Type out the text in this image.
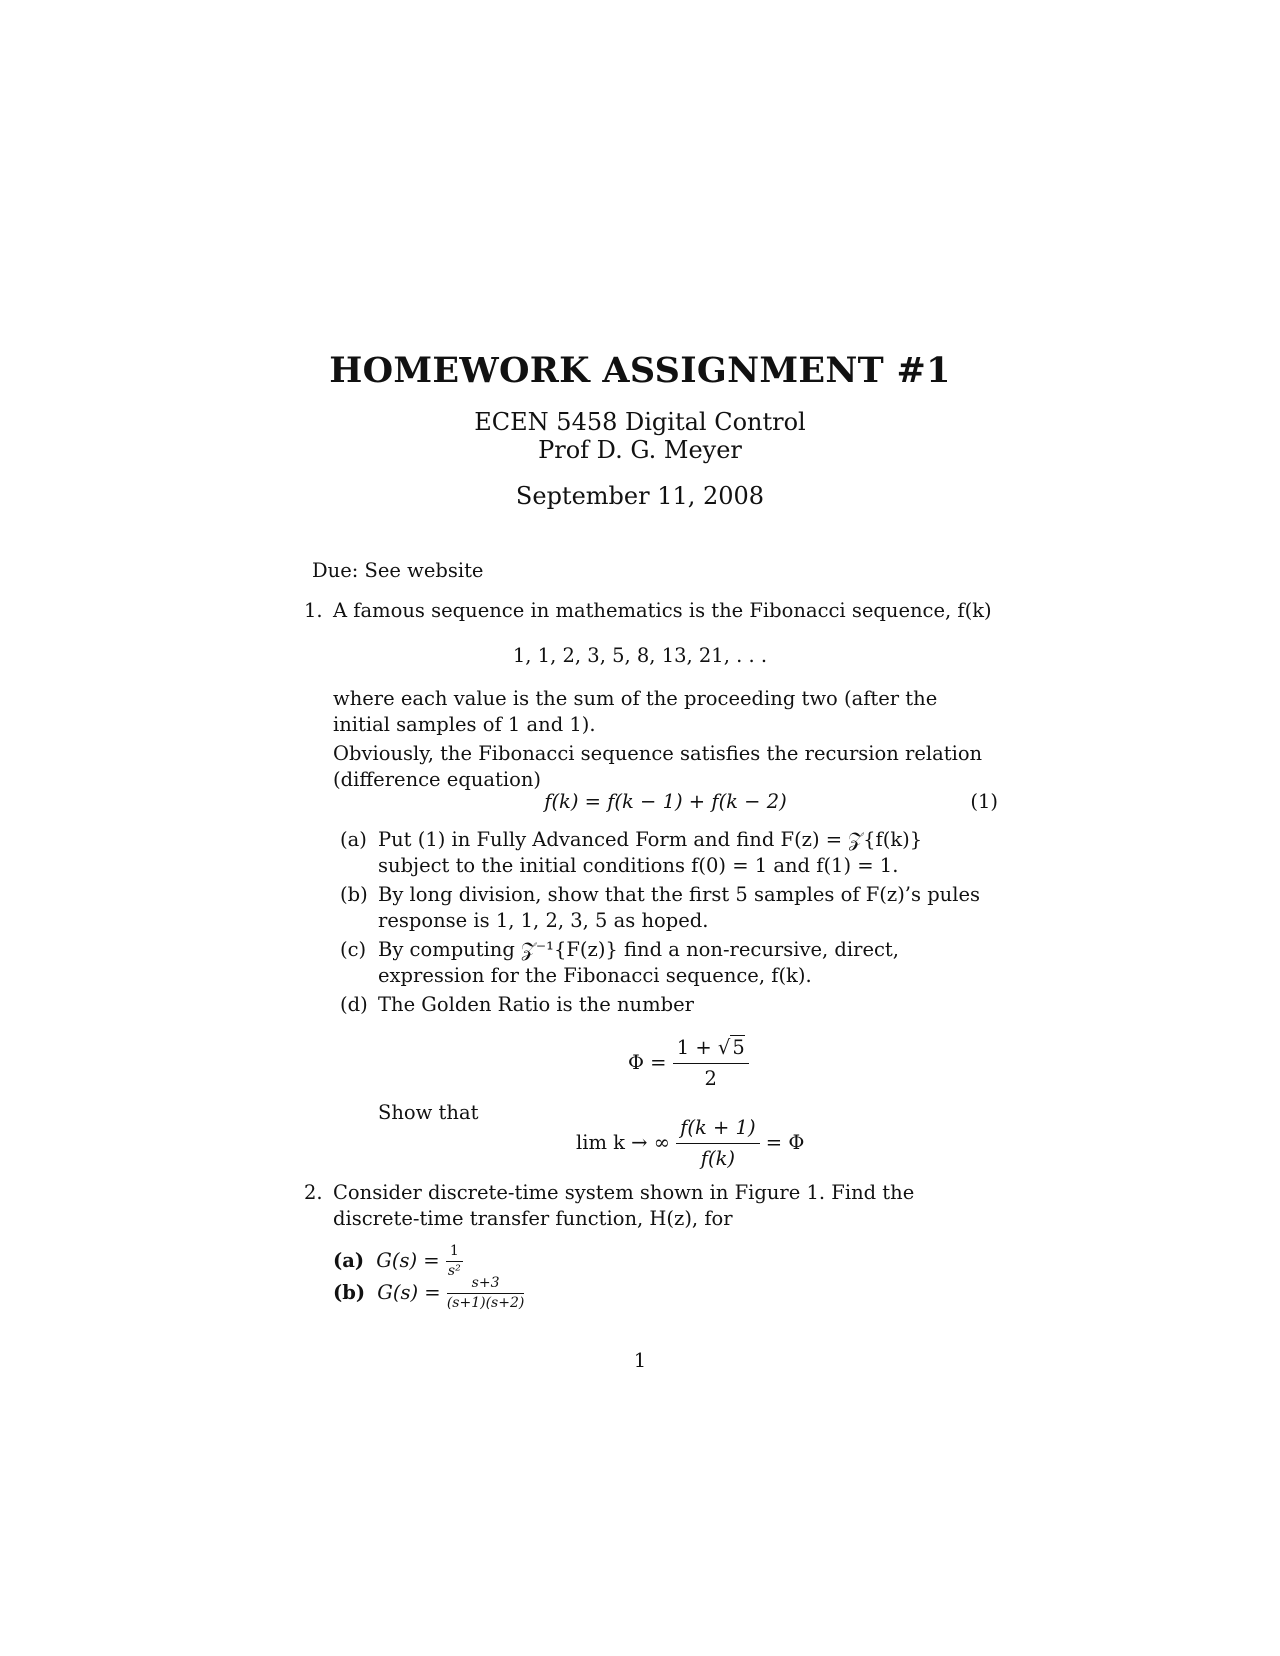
HOMEWORK ASSIGNMENT #1
ECEN 5458 Digital Control
Prof D. G. Meyer
September 11, 2008
Due: See website
1. A famous sequence in mathematics is the Fibonacci sequence, f(k)
1, 1, 2, 3, 5, 8, 13, 21, . . .
where each value is the sum of the proceeding two (after the initial samples of 1 and 1).
Obviously, the Fibonacci sequence satisfies the recursion relation (difference equation)
f(k) = f(k − 1) + f(k − 2)	(1)
(a) Put (1) in Fully Advanced Form and find F(z) = 𝒵{f(k)} subject to the initial conditions f(0) = 1 and f(1) = 1.
(b) By long division, show that the first 5 samples of F(z)’s pules response is 1, 1, 2, 3, 5 as hoped.
(c) By computing 𝒵⁻¹{F(z)} find a non-recursive, direct, expression for the Fibonacci sequence, f(k).
(d) The Golden Ratio is the number
$\Phi = \frac{1 + √ 5}{2}$
Show that
lim k → ∞ $\frac{f(k + 1)}{f(k)} = \Phi$
2. Consider discrete-time system shown in Figure 1. Find the discrete-time transfer function, H(z), for
(a) $G(s) = \frac{1}{\text{s²}}$
(b) $G(s) = \frac{s+3}{(s+1)(s+2)}$
1
